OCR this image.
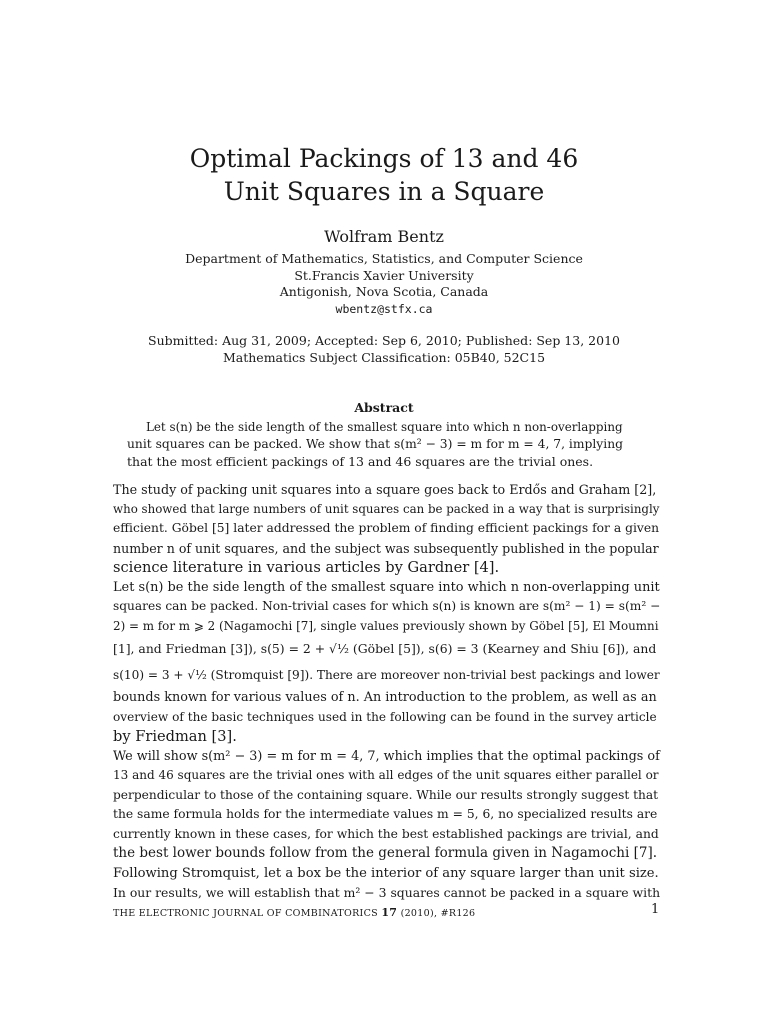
Optimal Packings of 13 and 46
Unit Squares in a Square
Wolfram Bentz
Department of Mathematics, Statistics, and Computer Science
St.Francis Xavier University
Antigonish, Nova Scotia, Canada
wbentz@stfx.ca
Submitted: Aug 31, 2009; Accepted: Sep 6, 2010; Published: Sep 13, 2010
Mathematics Subject Classification: 05B40, 52C15
Abstract
Let s(n) be the side length of the smallest square into which n non-overlapping
unit squares can be packed. We show that s(m² − 3) = m for m = 4, 7, implying
that the most efficient packings of 13 and 46 squares are the trivial ones.
The study of packing unit squares into a square goes back to Erdős and Graham [2],
who showed that large numbers of unit squares can be packed in a way that is surprisingly
efficient. Göbel [5] later addressed the problem of finding efficient packings for a given
number n of unit squares, and the subject was subsequently published in the popular
science literature in various articles by Gardner [4].
Let s(n) be the side length of the smallest square into which n non-overlapping unit
squares can be packed. Non-trivial cases for which s(n) is known are s(m² − 1) = s(m² −
2) = m for m ⩾ 2 (Nagamochi [7], single values previously shown by Göbel [5], El Moumni
[1], and Friedman [3]), s(5) = 2 + √½ (Göbel [5]), s(6) = 3 (Kearney and Shiu [6]), and
s(10) = 3 + √½ (Stromquist [9]). There are moreover non-trivial best packings and lower
bounds known for various values of n. An introduction to the problem, as well as an
overview of the basic techniques used in the following can be found in the survey article
by Friedman [3].
We will show s(m² − 3) = m for m = 4, 7, which implies that the optimal packings of
13 and 46 squares are the trivial ones with all edges of the unit squares either parallel or
perpendicular to those of the containing square. While our results strongly suggest that
the same formula holds for the intermediate values m = 5, 6, no specialized results are
currently known in these cases, for which the best established packings are trivial, and
the best lower bounds follow from the general formula given in Nagamochi [7].
Following Stromquist, let a box be the interior of any square larger than unit size.
In our results, we will establish that m² − 3 squares cannot be packed in a square with
THE ELECTRONIC JOURNAL OF COMBINATORICS 17 (2010), #R126	1
